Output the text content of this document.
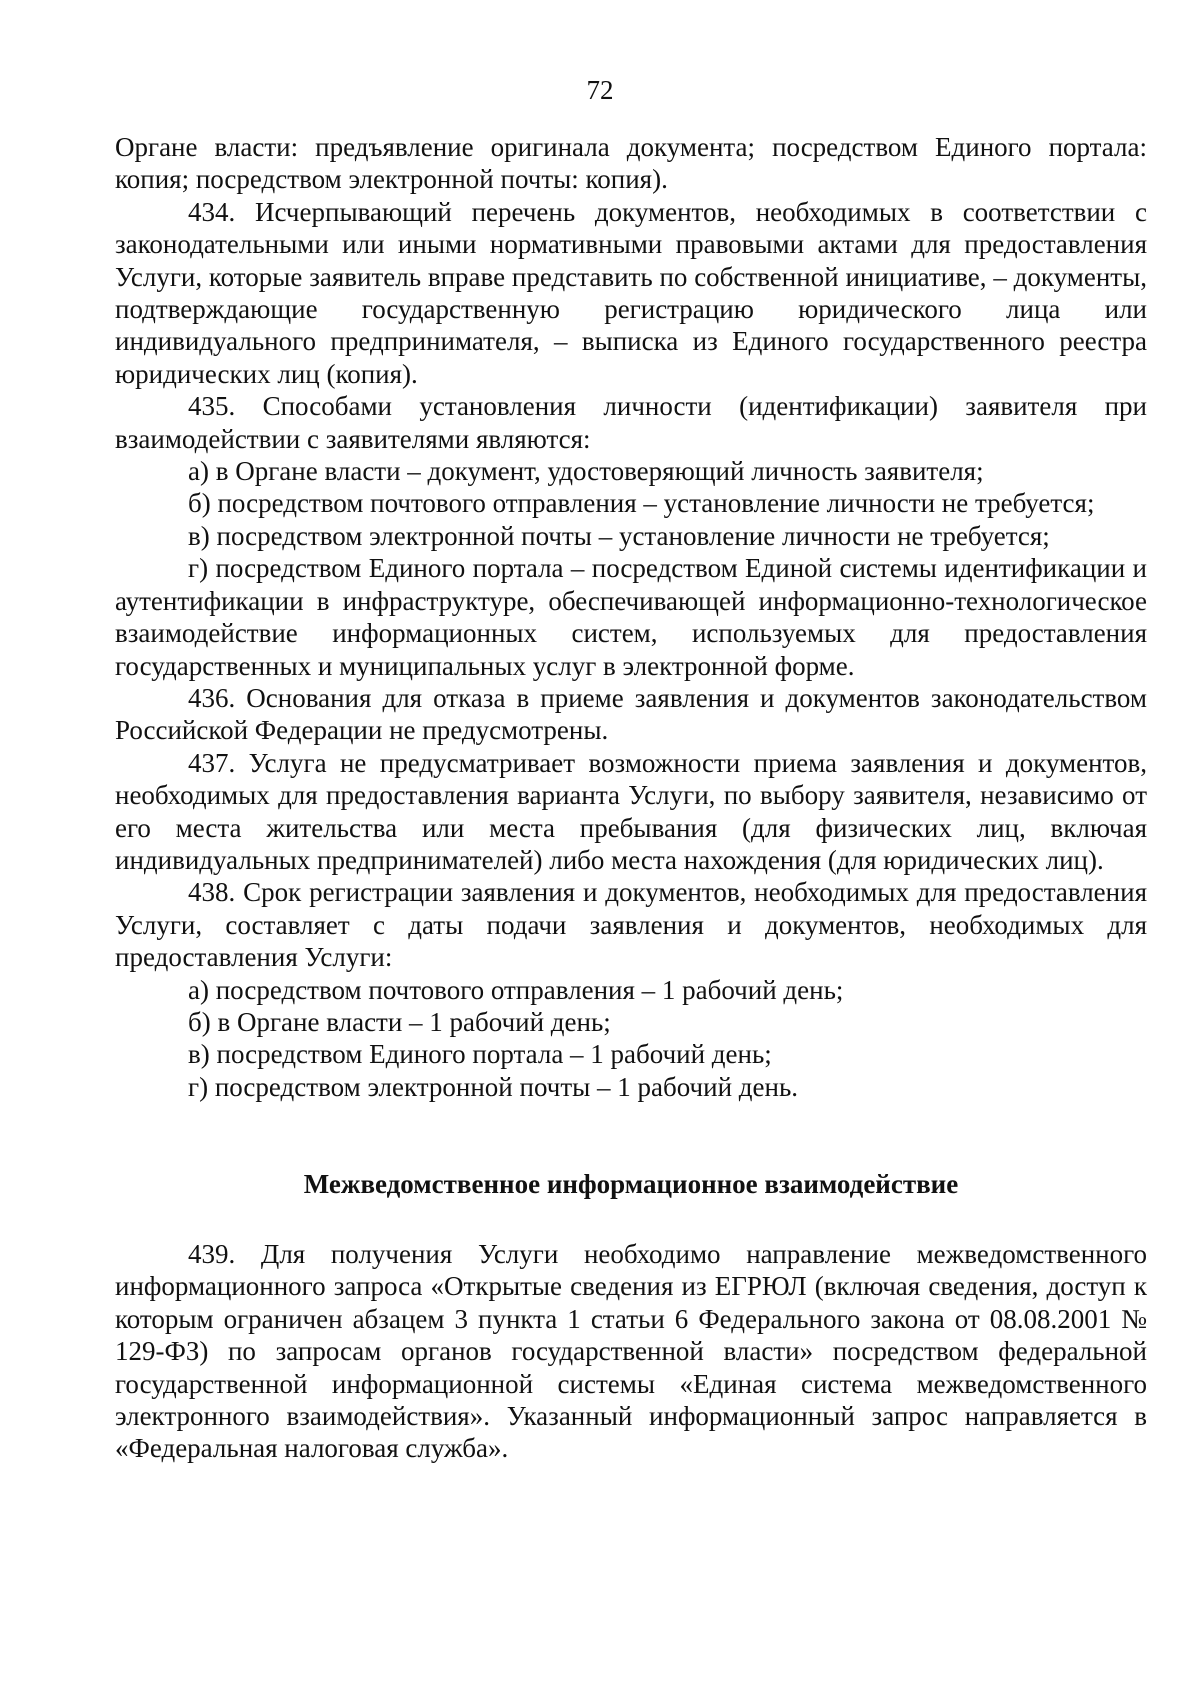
72

Органе власти: предъявление оригинала документа; посредством Единого портала: копия; посредством электронной почты: копия).

434. Исчерпывающий перечень документов, необходимых в соответствии с законодательными или иными нормативными правовыми актами для предоставления Услуги, которые заявитель вправе представить по собственной инициативе, – документы, подтверждающие государственную регистрацию юридического лица или индивидуального предпринимателя, – выписка из Единого государственного реестра юридических лиц (копия).

435. Способами установления личности (идентификации) заявителя при взаимодействии с заявителями являются:

а) в Органе власти – документ, удостоверяющий личность заявителя;

б) посредством почтового отправления – установление личности не требуется;

в) посредством электронной почты – установление личности не требуется;

г) посредством Единого портала – посредством Единой системы идентификации и аутентификации в инфраструктуре, обеспечивающей информационно-технологическое взаимодействие информационных систем, используемых для предоставления государственных и муниципальных услуг в электронной форме.

436. Основания для отказа в приеме заявления и документов законодательством Российской Федерации не предусмотрены.

437. Услуга не предусматривает возможности приема заявления и документов, необходимых для предоставления варианта Услуги, по выбору заявителя, независимо от его места жительства или места пребывания (для физических лиц, включая индивидуальных предпринимателей) либо места нахождения (для юридических лиц).

438. Срок регистрации заявления и документов, необходимых для предоставления Услуги, составляет с даты подачи заявления и документов, необходимых для предоставления Услуги:

а) посредством почтового отправления – 1 рабочий день;

б) в Органе власти – 1 рабочий день;

в) посредством Единого портала – 1 рабочий день;

г) посредством электронной почты – 1 рабочий день.

Межведомственное информационное взаимодействие

439. Для получения Услуги необходимо направление межведомственного информационного запроса «Открытые сведения из ЕГРЮЛ (включая сведения, доступ к которым ограничен абзацем 3 пункта 1 статьи 6 Федерального закона от 08.08.2001 № 129-ФЗ) по запросам органов государственной власти» посредством федеральной государственной информационной системы «Единая система межведомственного электронного взаимодействия». Указанный информационный запрос направляется в «Федеральная налоговая служба».
